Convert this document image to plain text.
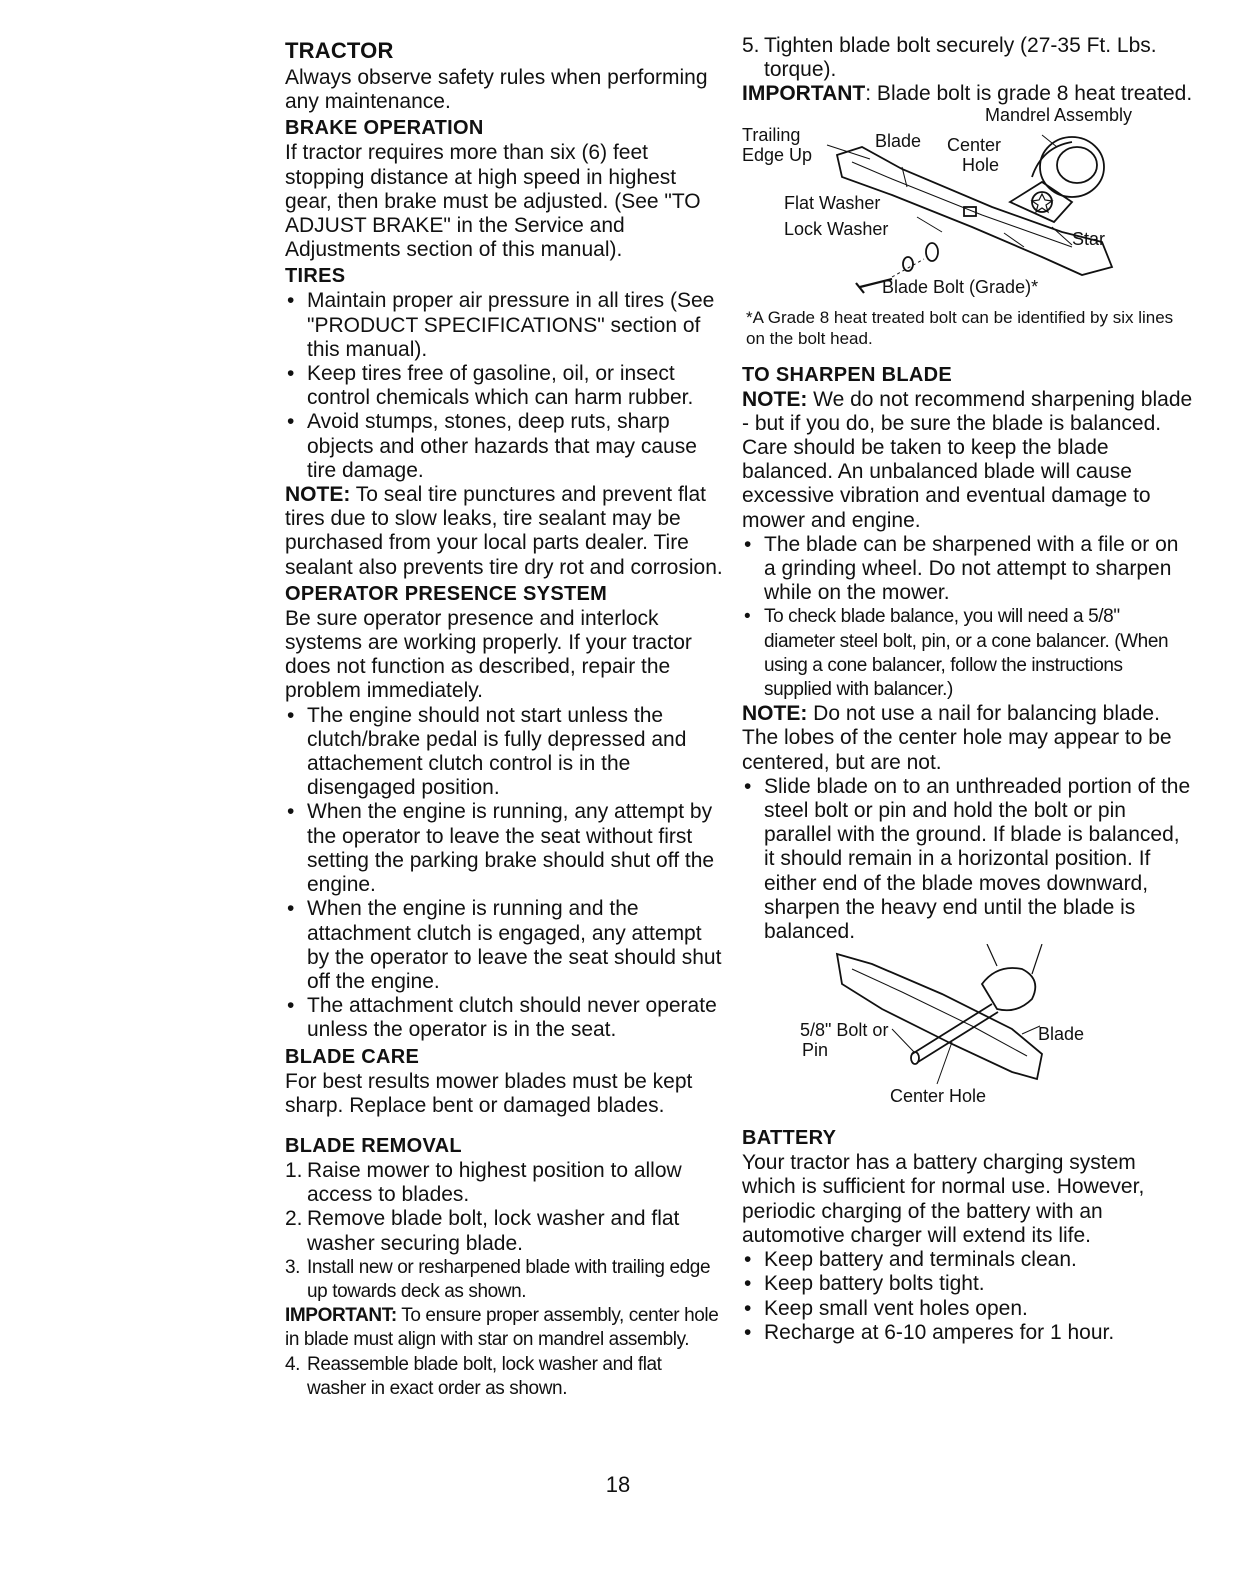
TRACTOR

Always observe safety rules when performing any maintenance.

BRAKE OPERATION

If tractor requires more than six (6) feet stopping distance at high speed in highest gear, then brake must be adjusted. (See "TO ADJUST BRAKE" in the Service and Adjustments section of this manual).

TIRES
• Maintain proper air pressure in all tires (See "PRODUCT SPECIFICATIONS" section of this manual).
• Keep tires free of gasoline, oil, or insect control chemicals which can harm rubber.
• Avoid stumps, stones, deep ruts, sharp objects and other hazards that may cause tire damage.

NOTE: To seal tire punctures and prevent flat tires due to slow leaks, tire sealant may be purchased from your local parts dealer. Tire sealant also prevents tire dry rot and corrosion.

OPERATOR PRESENCE SYSTEM

Be sure operator presence and interlock systems are working properly. If your tractor does not function as described, repair the problem immediately.

• The engine should not start unless the clutch/brake pedal is fully depressed and attachement clutch control is in the disengaged position.
• When the engine is running, any attempt by the operator to leave the seat without first setting the parking brake should shut off the engine.
• When the engine is running and the attachment clutch is engaged, any attempt by the operator to leave the seat should shut off the engine.
• The attachment clutch should never operate unless the operator is in the seat.
BLADE CARE

For best results mower blades must be kept sharp. Replace bent or damaged blades.

BLADE REMOVAL
1. Raise mower to highest position to allow access to blades.
2. Remove blade bolt, lock washer and flat washer securing blade.
3. Install new or resharpened blade with trailing edge up towards deck as shown.

IMPORTANT: To ensure proper assembly, center hole in blade must align with star on mandrel assembly.

4. Reassemble blade bolt, lock washer and flat washer in exact order as shown.
5. Tighten blade bolt securely (27-35 Ft. Lbs. torque).

IMPORTANT: Blade bolt is grade 8 heat treated.

Mandrel Assembly
Trailing
Edge Up
Blade Center
Hole
Flat Washer
Lock Washer	Star
Blade Bolt (Grade)*

*A Grade 8 heat treated bolt can be identified by six lines on the bolt head.

TO SHARPEN BLADE

NOTE: We do not recommend sharpening blade - but if you do, be sure the blade is balanced.

Care should be taken to keep the blade balanced. An unbalanced blade will cause excessive vibration and eventual damage to mower and engine.

• The blade can be sharpened with a file or on a grinding wheel. Do not attempt to sharpen while on the mower.
• To check blade balance, you will need a 5/8" diameter steel bolt, pin, or a cone balancer. (When using a cone balancer, follow the instructions supplied with balancer.)

NOTE: Do not use a nail for balancing blade. The lobes of the center hole may appear to be centered, but are not.

• Slide blade on to an unthreaded portion of the steel bolt or pin and hold the bolt or pin parallel with the ground. If blade is balanced, it should remain in a horizontal position. If either end of the blade moves downward, sharpen the heavy end until the blade is balanced.
5/8" Bolt or
Pin
Blade
Center Hole
BATTERY

Your tractor has a battery charging system which is sufficient for normal use. However, periodic charging of the battery with an automotive charger will extend its life.

• Keep battery and terminals clean.
• Keep battery bolts tight.
• Keep small vent holes open.
• Recharge at 6-10 amperes for 1 hour.
18
